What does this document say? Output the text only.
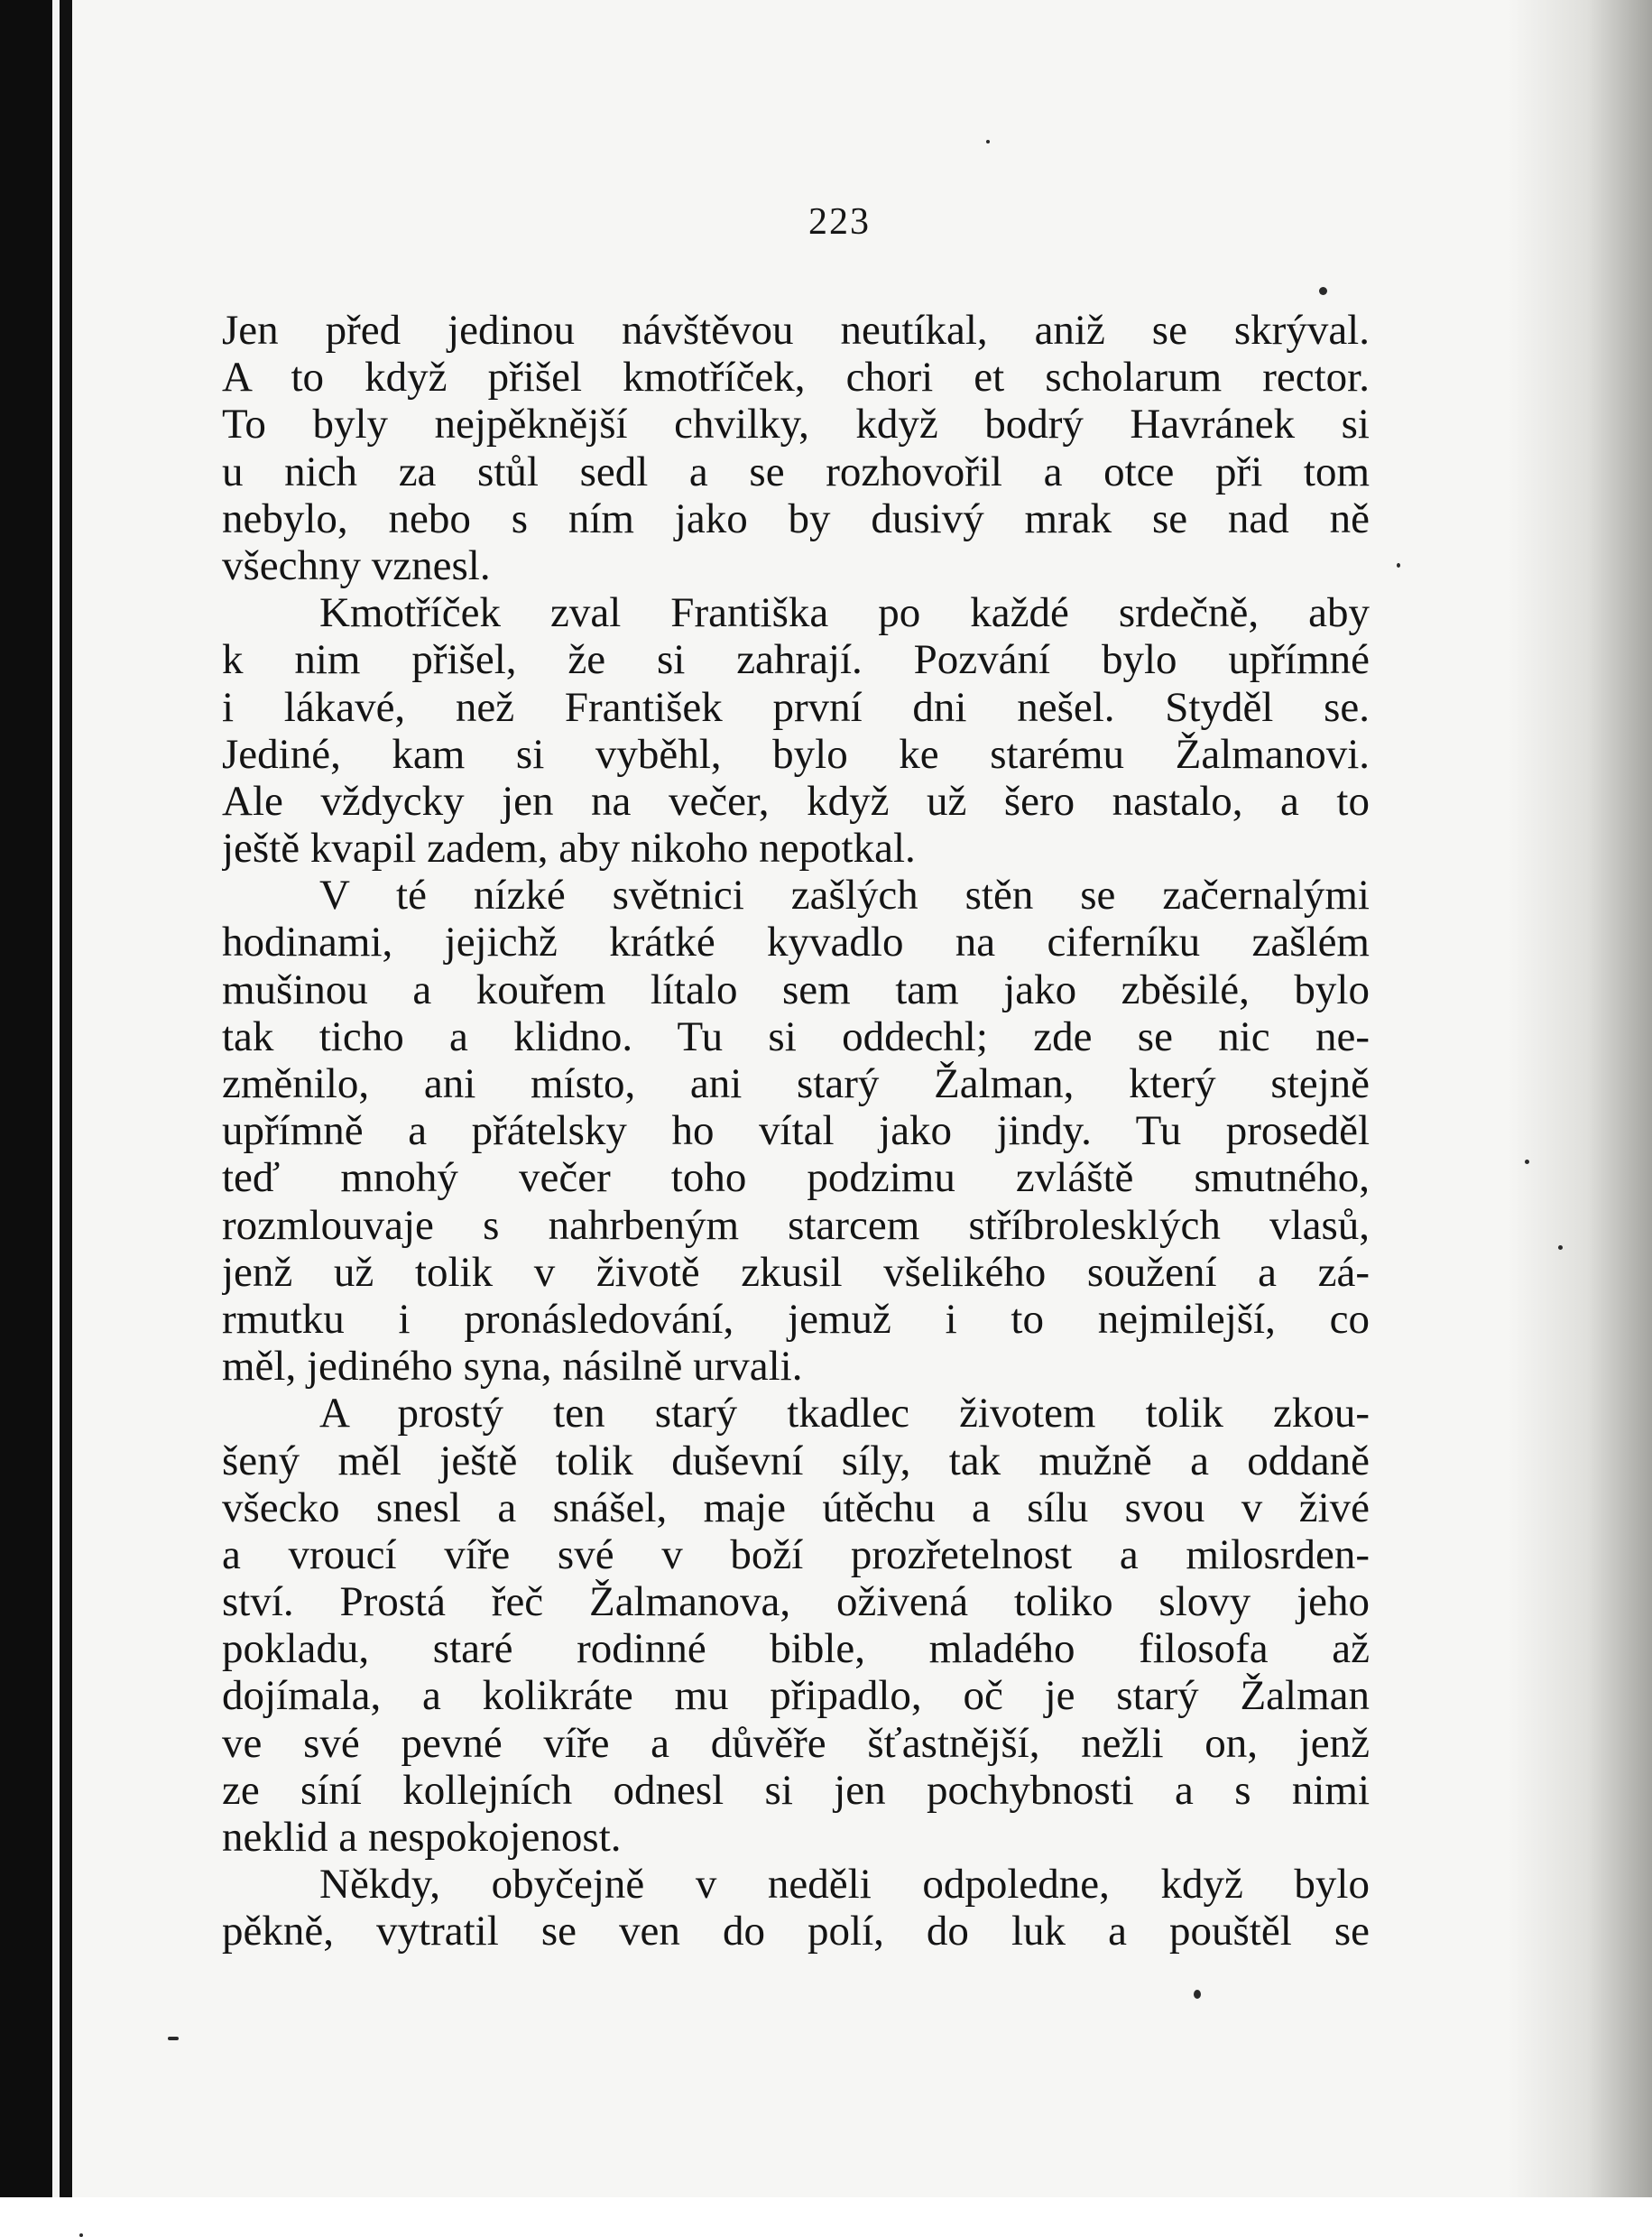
223
Jen před jedinou návštěvou neutíkal, aniž se skrýval.
A to když přišel kmotříček, chori et scholarum rector.
To byly nejpěknější chvilky, když bodrý Havránek si
u nich za stůl sedl a se rozhovořil a otce při tom
nebylo, nebo s ním jako by dusivý mrak se nad ně
všechny vznesl.
Kmotříček zval Františka po každé srdečně, aby
k nim přišel, že si zahrají. Pozvání bylo upřímné
i lákavé, než František první dni nešel. Styděl se.
Jediné, kam si vyběhl, bylo ke starému Žalmanovi.
Ale vždycky jen na večer, když už šero nastalo, a to
ještě kvapil zadem, aby nikoho nepotkal.
V té nízké světnici zašlých stěn se začernalými
hodinami, jejichž krátké kyvadlo na ciferníku zašlém
mušinou a kouřem lítalo sem tam jako zběsilé, bylo
tak ticho a klidno. Tu si oddechl; zde se nic ne-
změnilo, ani místo, ani starý Žalman, který stejně
upřímně a přátelsky ho vítal jako jindy. Tu proseděl
teď mnohý večer toho podzimu zvláště smutného,
rozmlouvaje s nahrbeným starcem stříbrolesklých vlasů,
jenž už tolik v životě zkusil všelikého soužení a zá-
rmutku i pronásledování, jemuž i to nejmilejší, co
měl, jediného syna, násilně urvali.
A prostý ten starý tkadlec životem tolik zkou-
šený měl ještě tolik duševní síly, tak mužně a oddaně
všecko snesl a snášel, maje útěchu a sílu svou v živé
a vroucí víře své v boží prozřetelnost a milosrden-
ství. Prostá řeč Žalmanova, oživená toliko slovy jeho
pokladu, staré rodinné bible, mladého filosofa až
dojímala, a kolikráte mu připadlo, oč je starý Žalman
ve své pevné víře a důvěře šťastnější, nežli on, jenž
ze síní kollejních odnesl si jen pochybnosti a s nimi
neklid a nespokojenost.
Někdy, obyčejně v neděli odpoledne, když bylo
pěkně, vytratil se ven do polí, do luk a pouštěl se
